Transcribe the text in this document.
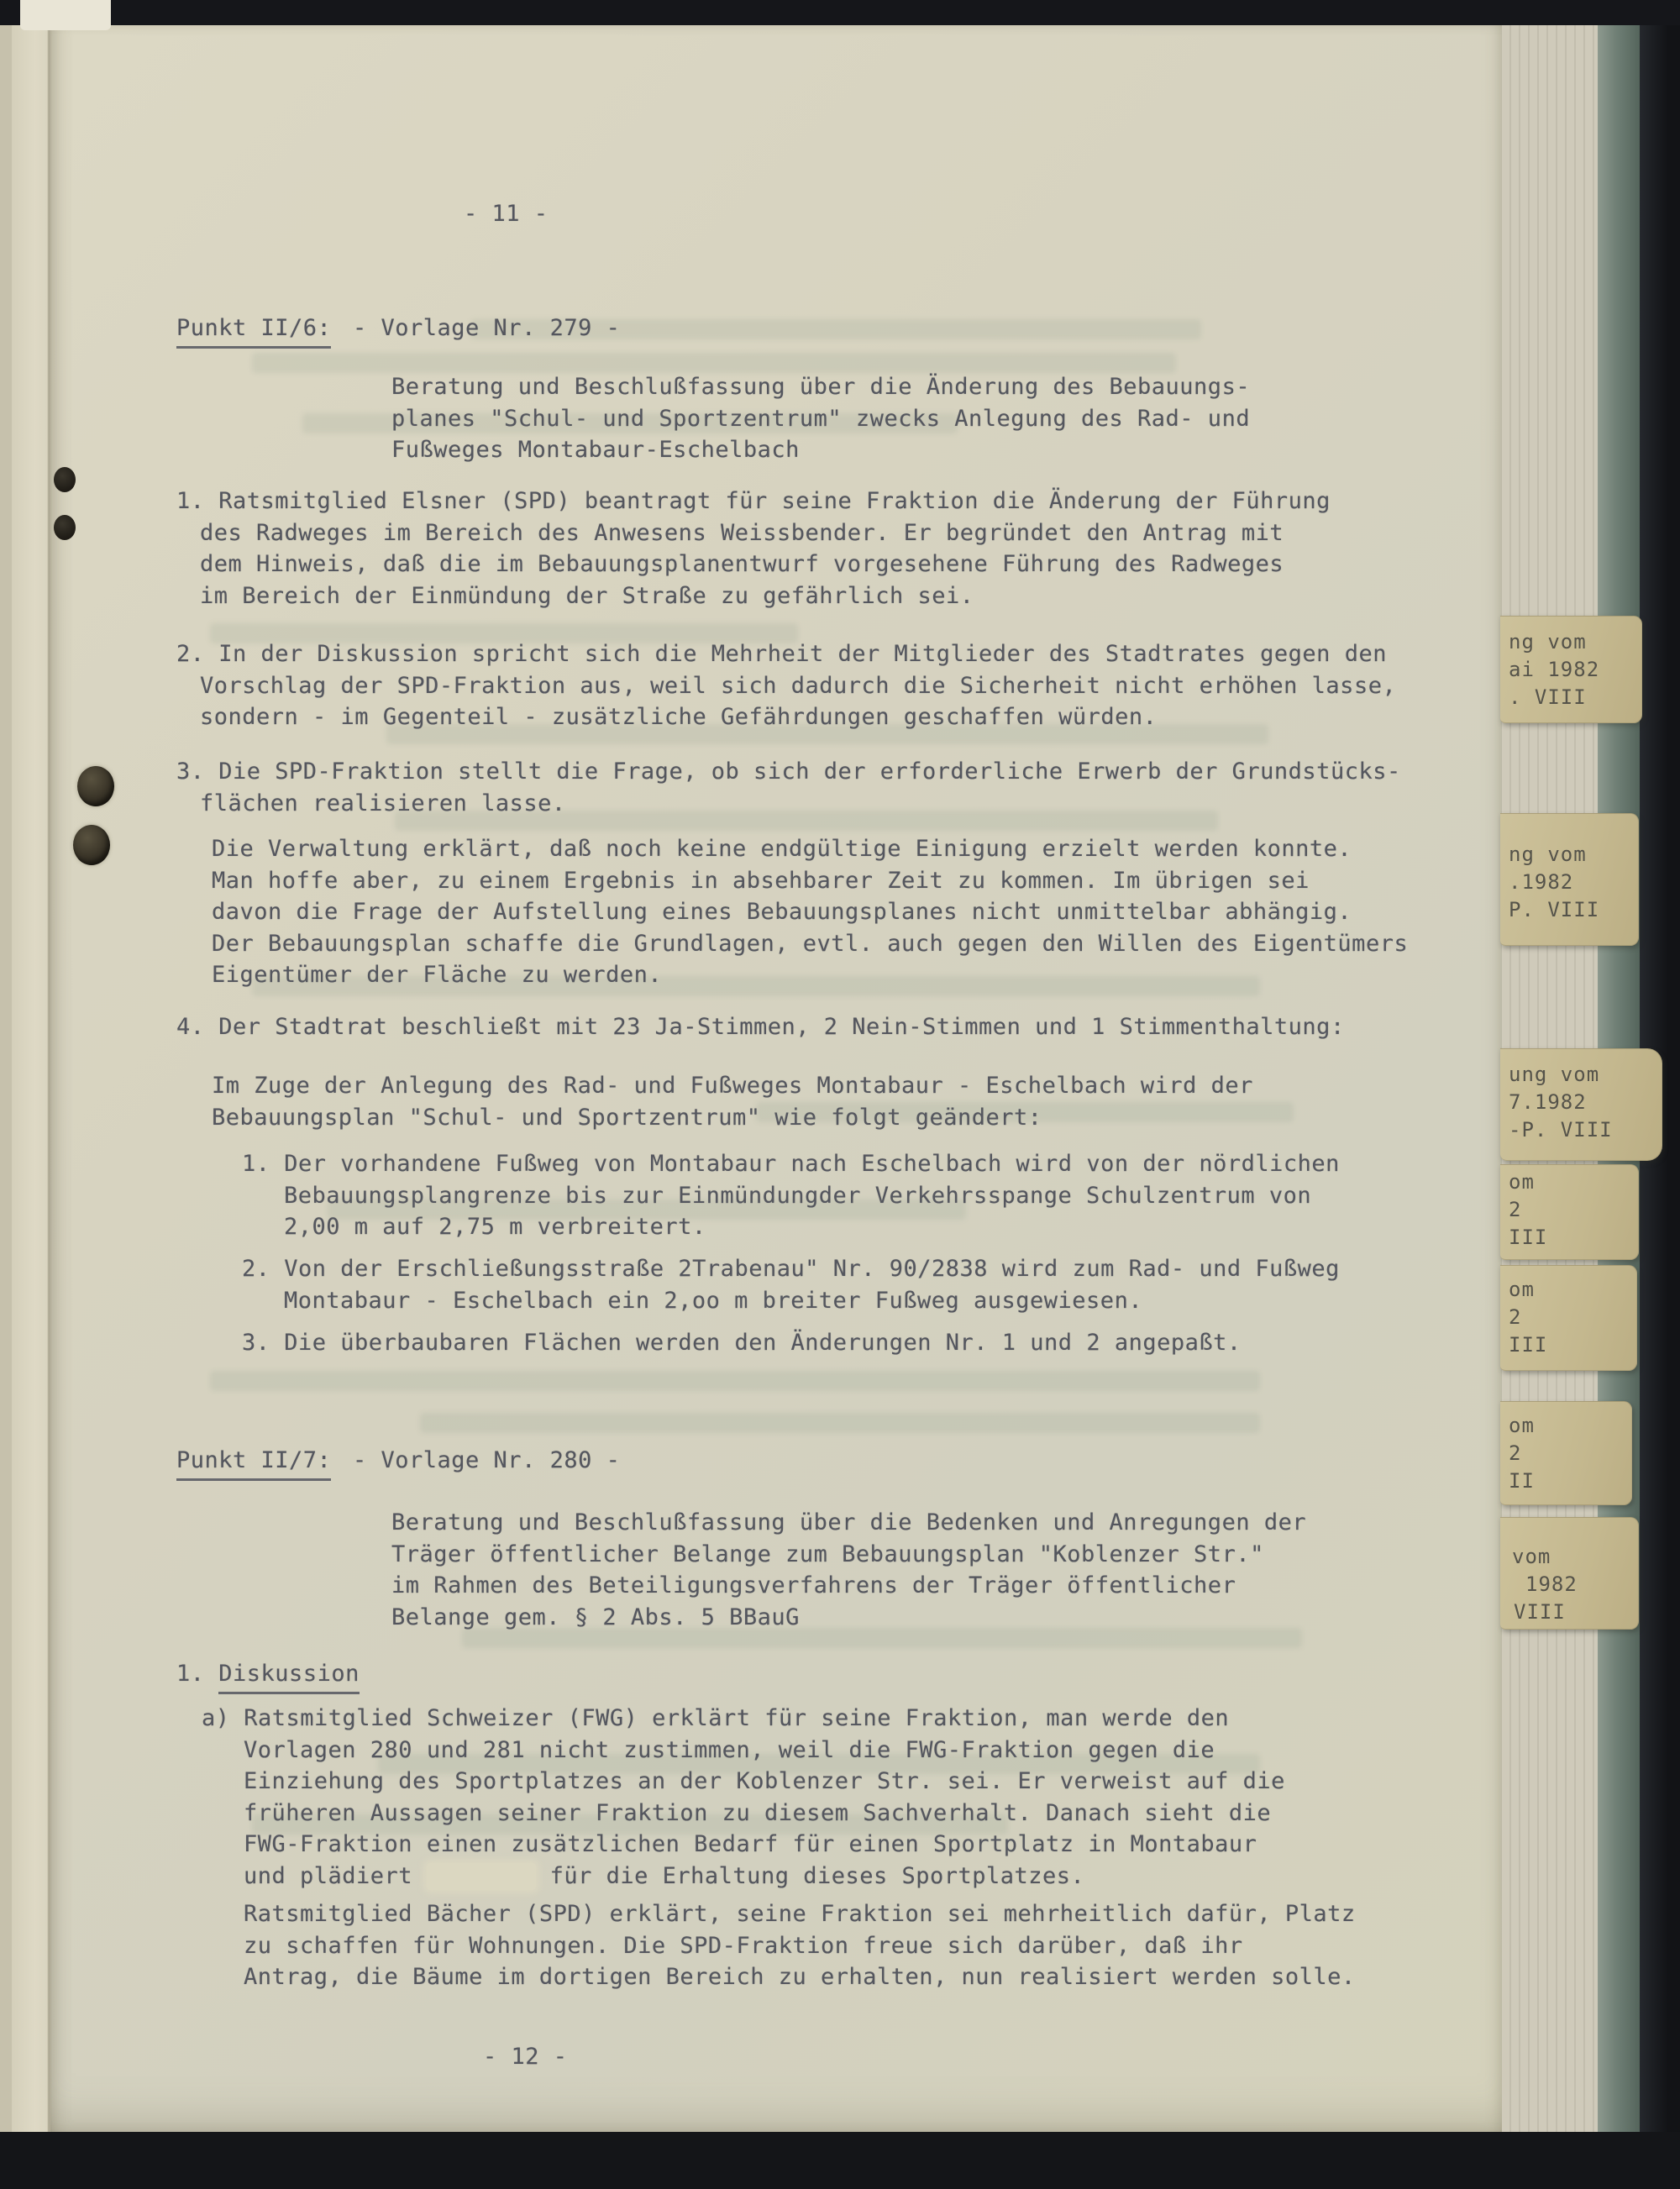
- 11 -
Punkt II/6: - Vorlage Nr. 279 -
Beratung und Beschlußfassung über die Änderung des Bebauungs-
planes "Schul- und Sportzentrum" zwecks Anlegung des Rad- und
Fußweges Montabaur-Eschelbach
1. Ratsmitglied Elsner (SPD) beantragt für seine Fraktion die Änderung der Führung
des Radweges im Bereich des Anwesens Weissbender. Er begründet den Antrag mit
dem Hinweis, daß die im Bebauungsplanentwurf vorgesehene Führung des Radweges
im Bereich der Einmündung der Straße zu gefährlich sei.
2. In der Diskussion spricht sich die Mehrheit der Mitglieder des Stadtrates gegen den
Vorschlag der SPD-Fraktion aus, weil sich dadurch die Sicherheit nicht erhöhen lasse,
sondern - im Gegenteil - zusätzliche Gefährdungen geschaffen würden.
3. Die SPD-Fraktion stellt die Frage, ob sich der erforderliche Erwerb der Grundstücks-
flächen realisieren lasse.
Die Verwaltung erklärt, daß noch keine endgültige Einigung erzielt werden konnte.
Man hoffe aber, zu einem Ergebnis in absehbarer Zeit zu kommen. Im übrigen sei
davon die Frage der Aufstellung eines Bebauungsplanes nicht unmittelbar abhängig.
Der Bebauungsplan schaffe die Grundlagen, evtl. auch gegen den Willen des Eigentümers
Eigentümer der Fläche zu werden.
4. Der Stadtrat beschließt mit 23 Ja-Stimmen, 2 Nein-Stimmen und 1 Stimmenthaltung:
Im Zuge der Anlegung des Rad- und Fußweges Montabaur - Eschelbach wird der
Bebauungsplan "Schul- und Sportzentrum" wie folgt geändert:
1. Der vorhandene Fußweg von Montabaur nach Eschelbach wird von der nördlichen
Bebauungsplangrenze bis zur Einmündungder Verkehrsspange Schulzentrum von
2,00 m auf 2,75 m verbreitert.
2. Von der Erschließungsstraße 2Trabenau" Nr. 90/2838 wird zum Rad- und Fußweg
Montabaur - Eschelbach ein 2,oo m breiter Fußweg ausgewiesen.
3. Die überbaubaren Flächen werden den Änderungen Nr. 1 und 2 angepaßt.
Punkt II/7: - Vorlage Nr. 280 -
Beratung und Beschlußfassung über die Bedenken und Anregungen der
Träger öffentlicher Belange zum Bebauungsplan "Koblenzer Str."
im Rahmen des Beteiligungsverfahrens der Träger öffentlicher
Belange gem. § 2 Abs. 5 BBauG
1. Diskussion
a) Ratsmitglied Schweizer (FWG) erklärt für seine Fraktion, man werde den
Vorlagen 280 und 281 nicht zustimmen, weil die FWG-Fraktion gegen die
Einziehung des Sportplatzes an der Koblenzer Str. sei. Er verweist auf die
früheren Aussagen seiner Fraktion zu diesem Sachverhalt. Danach sieht die
FWG-Fraktion einen zusätzlichen Bedarf für einen Sportplatz in Montabaur
und plädiert	für die Erhaltung dieses Sportplatzes.
Ratsmitglied Bächer (SPD) erklärt, seine Fraktion sei mehrheitlich dafür, Platz
zu schaffen für Wohnungen. Die SPD-Fraktion freue sich darüber, daß ihr
Antrag, die Bäume im dortigen Bereich zu erhalten, nun realisiert werden solle.
- 12 -

ng vom

ai 1982

. VIII

ng vom

.1982

P. VIII

ung vom

7.1982

-P. VIII

om

2

III

om

2

III

om

2

II

vom

1982

VIII
